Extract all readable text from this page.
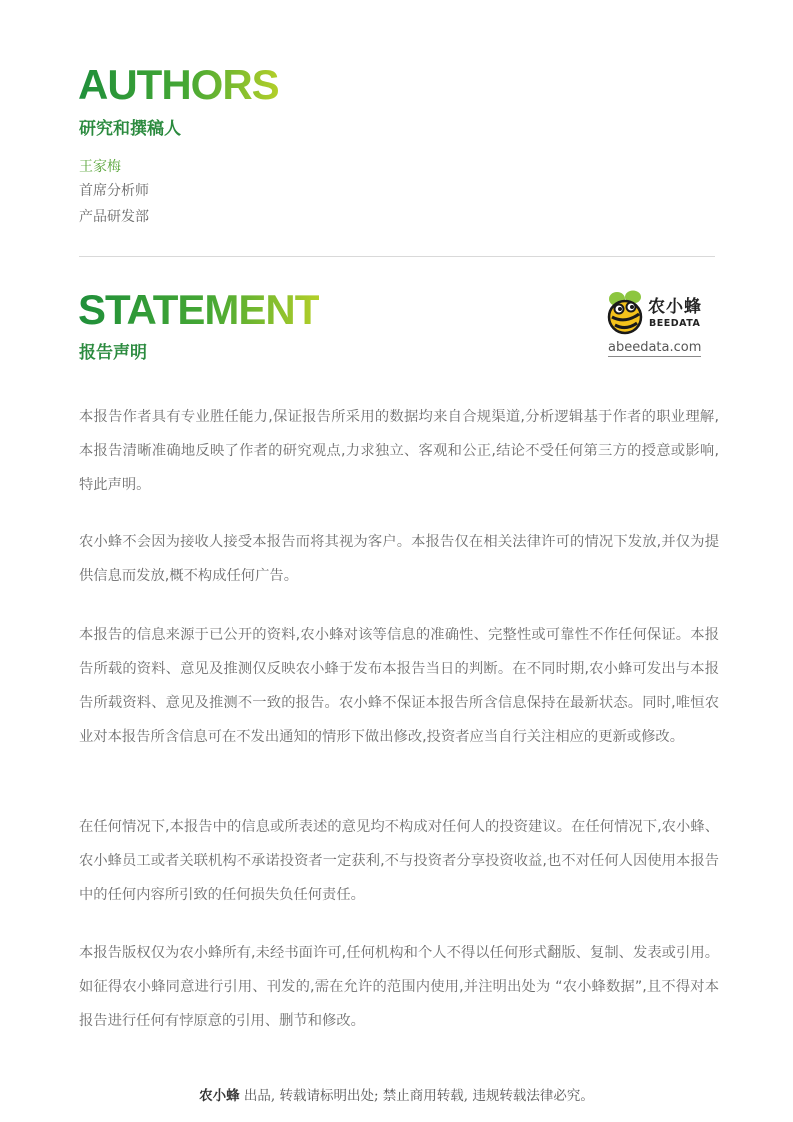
AUTHORS
研究和撰稿人
王家梅
首席分析师
产品研发部
STATEMENT
报告声明
农小蜂
BEEDATA
abeedata.com

本报告作者具有专业胜任能力,保证报告所采用的数据均来自合规渠道,分析逻辑基于作者的职业理解,本报告清晰准确地反映了作者的研究观点,力求独立、客观和公正,结论不受任何第三方的授意或影响,特此声明。

农小蜂不会因为接收人接受本报告而将其视为客户。本报告仅在相关法律许可的情况下发放,并仅为提供信息而发放,概不构成任何广告。

本报告的信息来源于已公开的资料,农小蜂对该等信息的准确性、完整性或可靠性不作任何保证。本报告所载的资料、意见及推测仅反映农小蜂于发布本报告当日的判断。在不同时期,农小蜂可发出与本报告所载资料、意见及推测不一致的报告。农小蜂不保证本报告所含信息保持在最新状态。同时,唯恒农业对本报告所含信息可在不发出通知的情形下做出修改,投资者应当自行关注相应的更新或修改。

在任何情况下,本报告中的信息或所表述的意见均不构成对任何人的投资建议。在任何情况下,农小蜂、农小蜂员工或者关联机构不承诺投资者一定获利,不与投资者分享投资收益,也不对任何人因使用本报告中的任何内容所引致的任何损失负任何责任。

本报告版权仅为农小蜂所有,未经书面许可,任何机构和个人不得以任何形式翻版、复制、发表或引用。如征得农小蜂同意进行引用、刊发的,需在允许的范围内使用,并注明出处为 “农小蜂数据”,且不得对本报告进行任何有悖原意的引用、删节和修改。

农小蜂 出品, 转载请标明出处; 禁止商用转载, 违规转载法律必究。
